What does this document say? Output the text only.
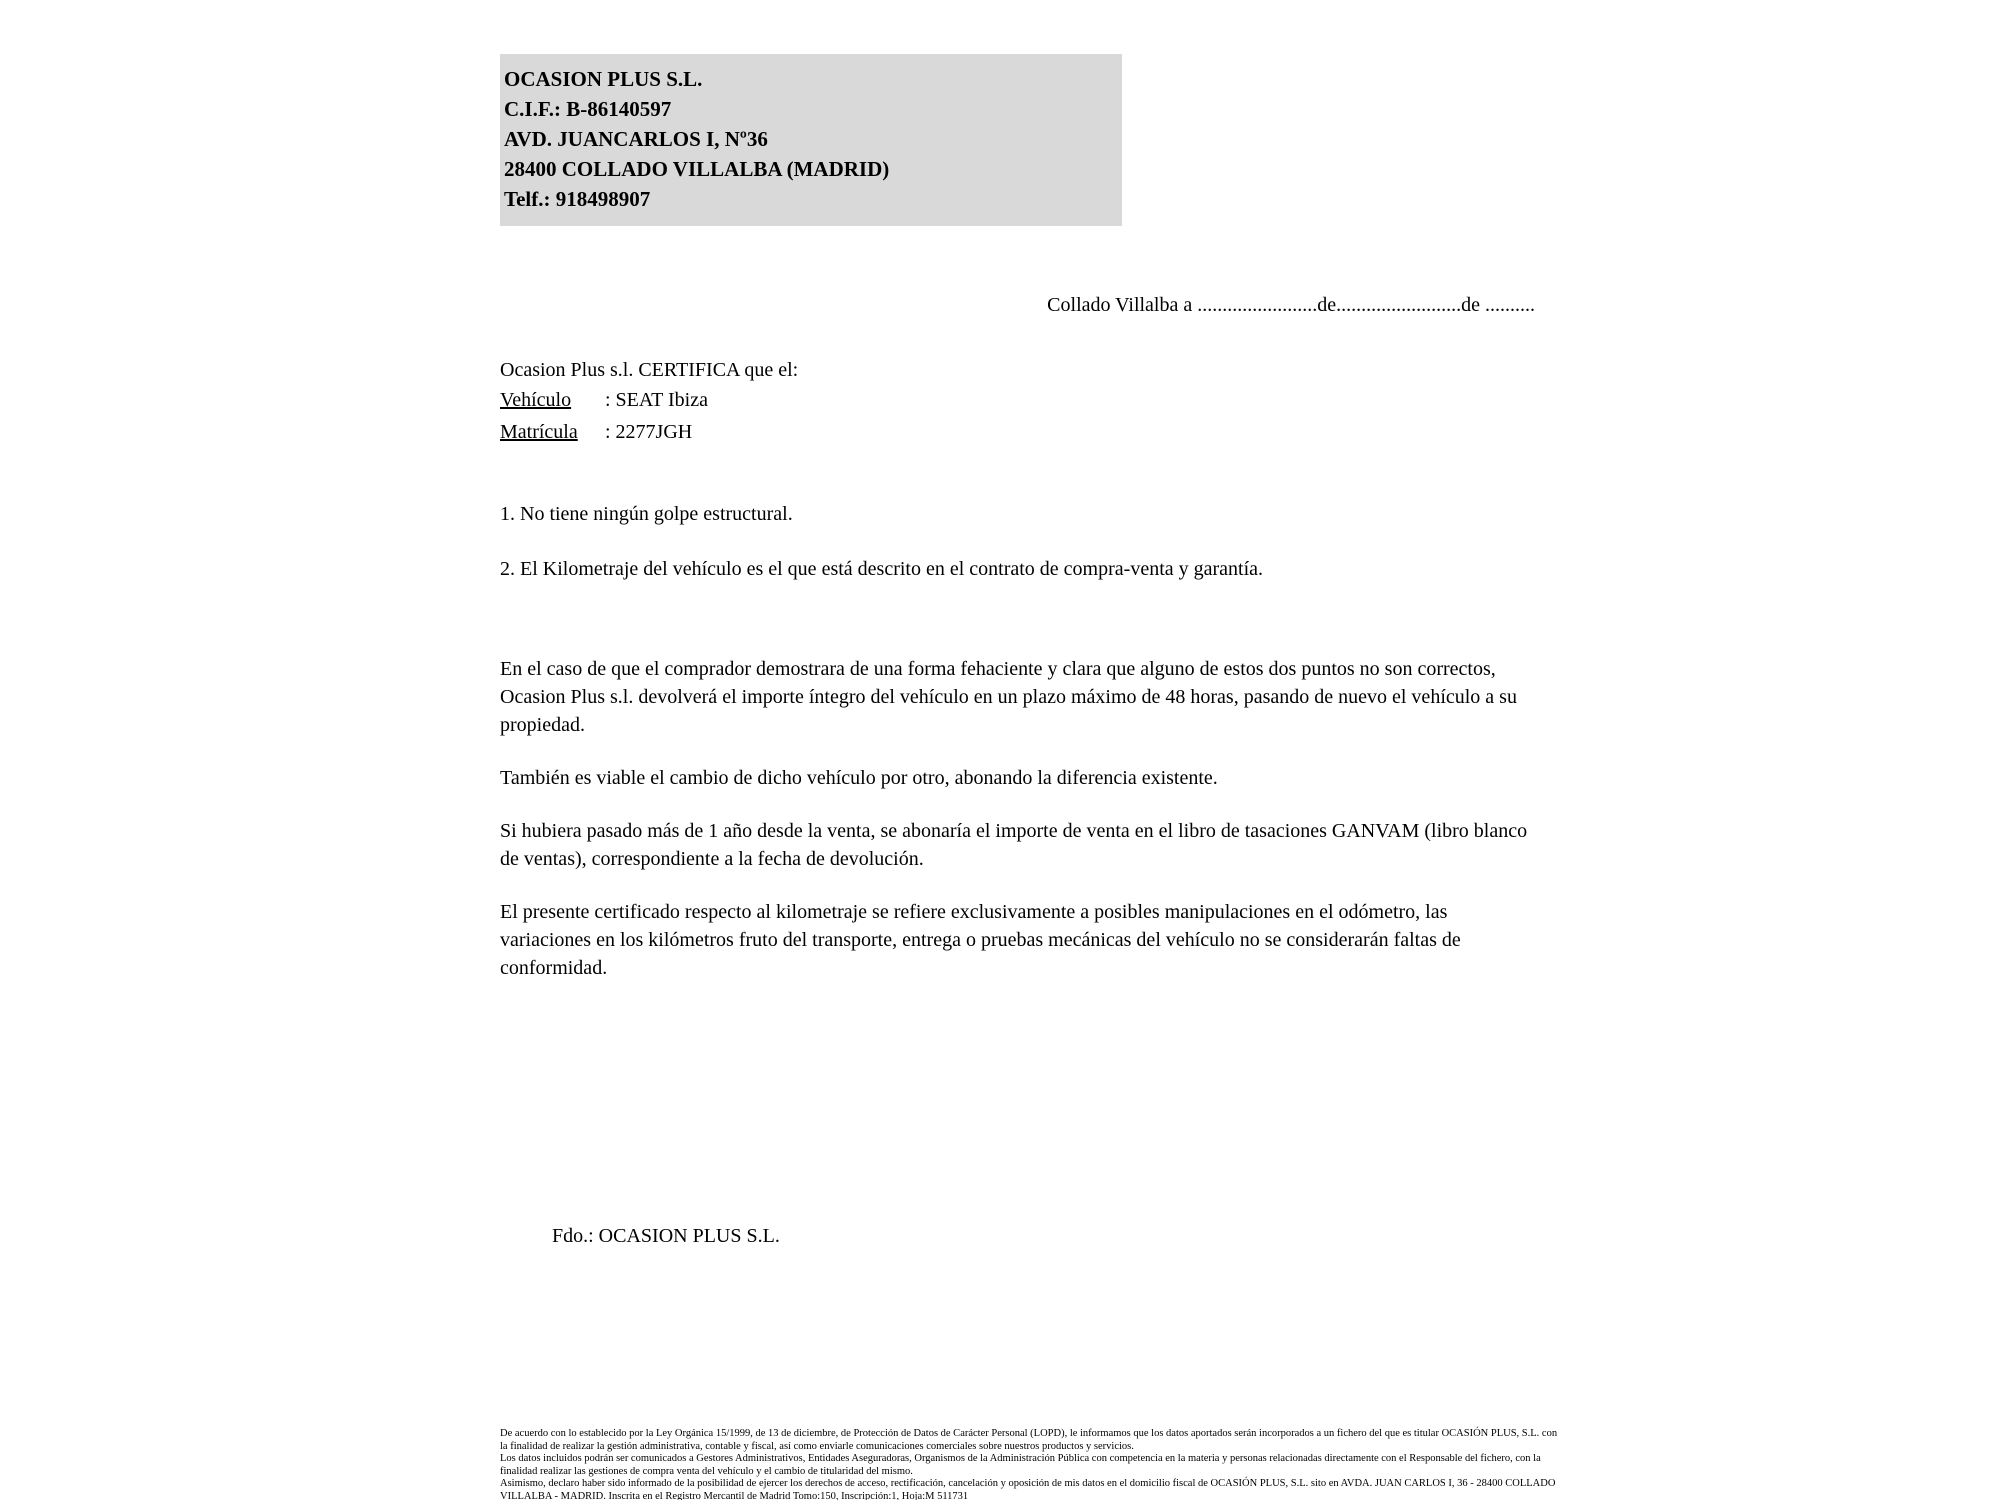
OCASION PLUS S.L.
C.I.F.: B-86140597
AVD. JUANCARLOS I, Nº36
28400 COLLADO VILLALBA (MADRID)
Telf.: 918498907
Collado Villalba a ........................de.........................de ..........
Ocasion Plus s.l. CERTIFICA que el:
Vehículo : SEAT Ibiza
Matrícula : 2277JGH
1. No tiene ningún golpe estructural.
2. El Kilometraje del vehículo es el que está descrito en el contrato de compra-venta y garantía.
En el caso de que el comprador demostrara de una forma fehaciente y clara que alguno de estos dos puntos no son correctos, Ocasion Plus s.l. devolverá el importe íntegro del vehículo en un plazo máximo de 48 horas, pasando de nuevo el vehículo a su propiedad.
También es viable el cambio de dicho vehículo por otro, abonando la diferencia existente.
Si hubiera pasado más de 1 año desde la venta, se abonaría el importe de venta en el libro de tasaciones GANVAM (libro blanco de ventas), correspondiente a la fecha de devolución.
El presente certificado respecto al kilometraje se refiere exclusivamente a posibles manipulaciones en el odómetro, las variaciones en los kilómetros fruto del transporte, entrega o pruebas mecánicas del vehículo no se considerarán faltas de conformidad.
Fdo.: OCASION PLUS S.L.

De acuerdo con lo establecido por la Ley Orgánica 15/1999, de 13 de diciembre, de Protección de Datos de Carácter Personal (LOPD), le informamos que los datos aportados serán incorporados a un fichero del que es titular OCASIÓN PLUS, S.L. con la finalidad de realizar la gestión administrativa, contable y fiscal, así como enviarle comunicaciones comerciales sobre nuestros productos y servicios.

Los datos incluidos podrán ser comunicados a Gestores Administrativos, Entidades Aseguradoras, Organismos de la Administración Pública con competencia en la materia y personas relacionadas directamente con el Responsable del fichero, con la finalidad realizar las gestiones de compra venta del vehículo y el cambio de titularidad del mismo.

Asimismo, declaro haber sido informado de la posibilidad de ejercer los derechos de acceso, rectificación, cancelación y oposición de mis datos en el domicilio fiscal de OCASIÓN PLUS, S.L. sito en AVDA. JUAN CARLOS I, 36 - 28400 COLLADO VILLALBA - MADRID. Inscrita en el Registro Mercantil de Madrid Tomo:150, Inscripción:1, Hoja:M 511731
